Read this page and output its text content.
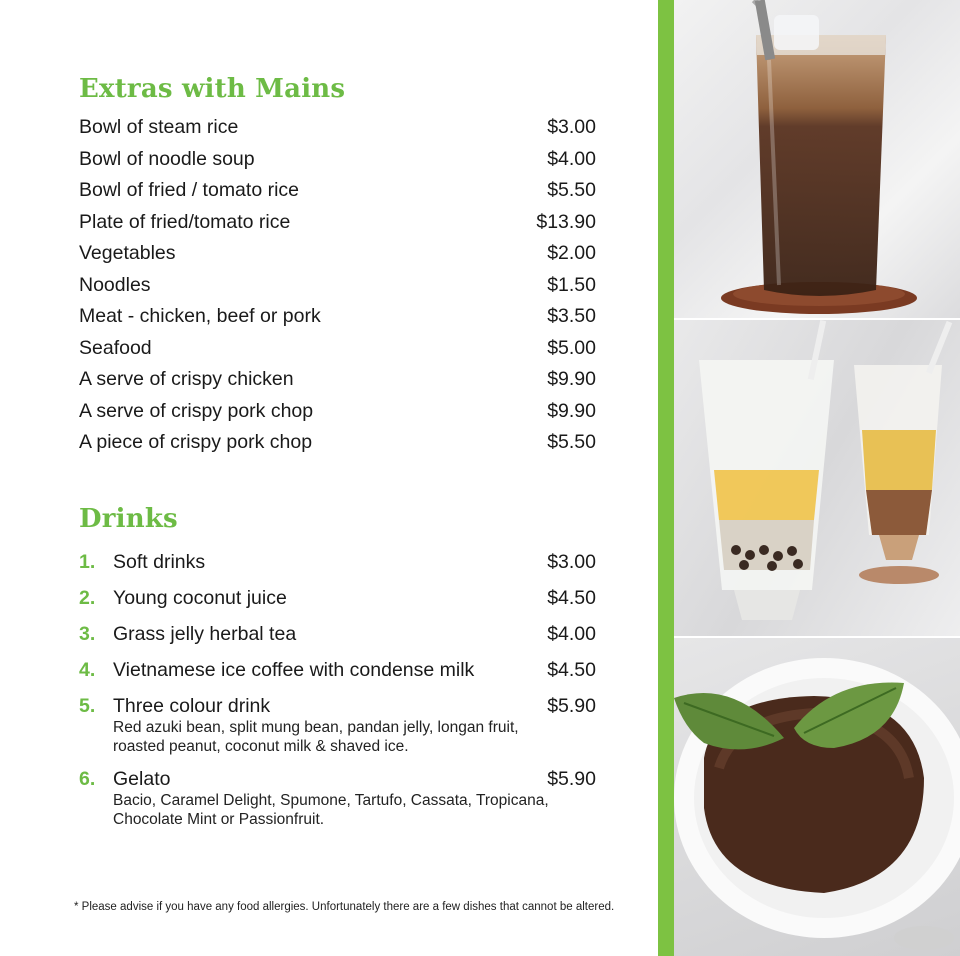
Extras with Mains
Bowl of steam rice	$3.00
Bowl of noodle soup	$4.00
Bowl of fried / tomato rice	$5.50
Plate of fried/tomato rice	$13.90
Vegetables	$2.00
Noodles	$1.50
Meat - chicken, beef or pork	$3.50
Seafood	$5.00
A serve of crispy chicken	$9.90
A serve of crispy pork chop	$9.90
A piece of crispy pork chop	$5.50
Drinks
1. Soft drinks	$3.00
2. Young coconut juice	$4.50
3. Grass jelly herbal tea	$4.00
4. Vietnamese ice coffee with condense milk	$4.50
5. Three colour drink	$5.90
Red azuki bean, split mung bean, pandan jelly, longan fruit, roasted peanut, coconut milk & shaved ice.
6. Gelato	$5.90
Bacio, Caramel Delight, Spumone, Tartufo, Cassata, Tropicana, Chocolate Mint or Passionfruit.
* Please advise if you have any food allergies. Unfortunately there are a few dishes that cannot be altered.
